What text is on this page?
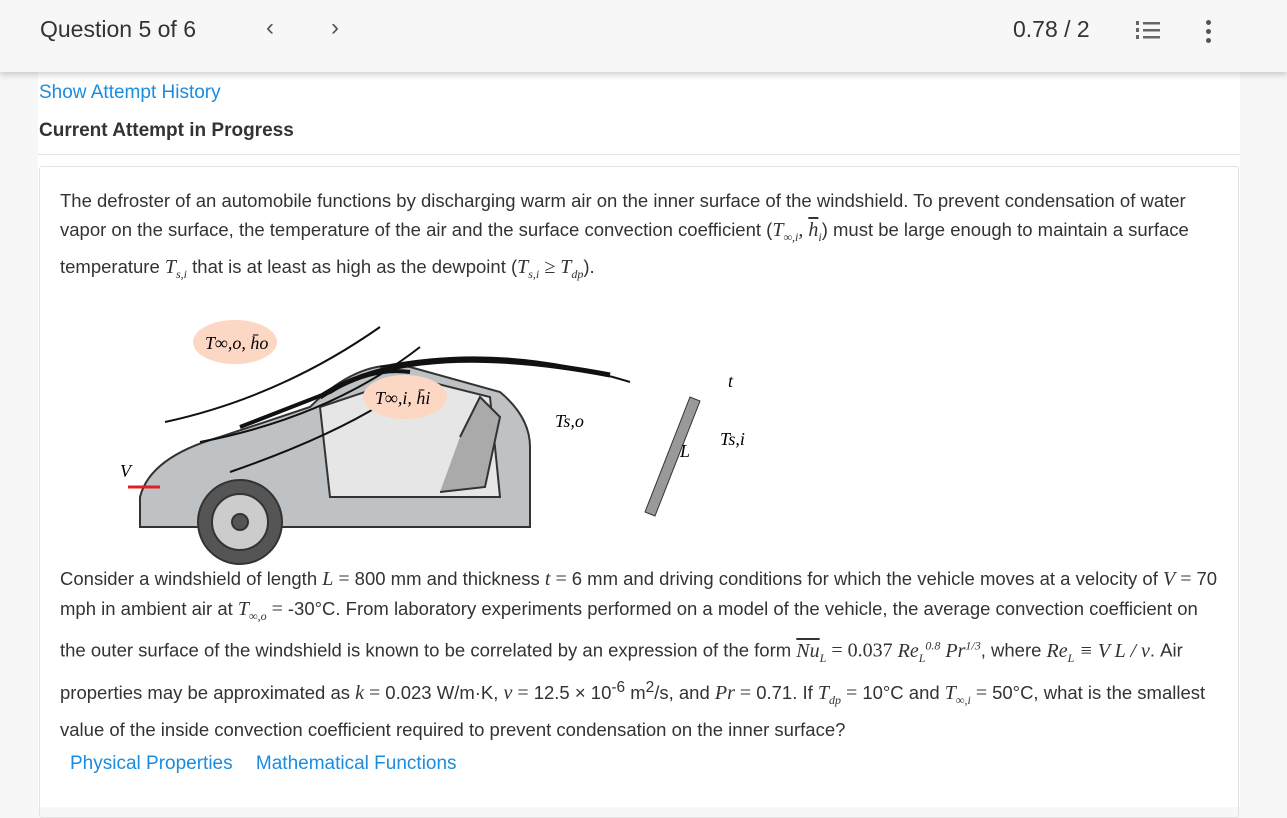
Question 5 of 6	‹ ›	0.78 / 2
Show Attempt History
Current Attempt in Progress
The defroster of an automobile functions by discharging warm air on the inner surface of the windshield. To prevent condensation of water vapor on the surface, the temperature of the air and the surface convection coefficient ($T_{\infty,i}$, $\overline{h}_i$) must be large enough to maintain a surface temperature $T_{s,i}$ that is at least as high as the dewpoint $(T_{s,i} \ge T_{dp})$.
T∞,o, h̄o
T∞,i, h̄i
V
Ts,o
Ts,i
L
t
Consider a windshield of length L = 800 mm and thickness t = 6 mm and driving conditions for which the vehicle moves at a velocity of V = 70 mph in ambient air at $T_{\infty,o} = -30^\circ C$. From laboratory experiments performed on a model of the vehicle, the average convection coefficient on the outer surface of the windshield is known to be correlated by an expression of the form $\overline{Nu}_L = 0.037$ $Re_L^{0.8}$ $Pr^{1/3}$, where $Re_L \equiv V$ L / ν. Air properties may be approximated as k = 0.023 W/m·K, $\nu = 12.5 \times 10^{-6}$ $m^2/s$, and Pr = 0.71. If $T_{dp} = 10^\circ C$ and $T_{\infty,i} = 50^\circ C$, what is the smallest value of the inside convection coefficient required to prevent condensation on the inner surface?
Physical Properties Mathematical Functions
